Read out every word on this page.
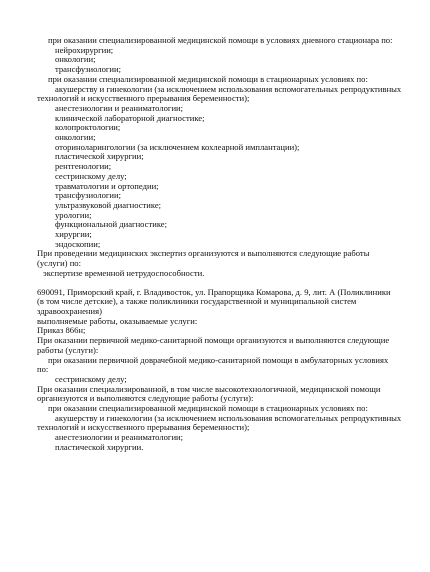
при оказании специализированной медицинской помощи в условиях дневного стационара по:
нейрохирургии;
онкологии;
трансфузиологии;
при оказании специализированной медицинской помощи в стационарных условиях по:
акушерству и гинекологии (за исключением использования вспомогательных репродуктивных
технологий и искусственного прерывания беременности);
анестезиологии и реаниматологии;
клинической лабораторной диагностике;
колопроктологии;
онкологии;
оториноларингологии (за исключением кохлеарной имплантации);
пластической хирургии;
рентгенологии;
сестринскому делу;
травматологии и ортопедии;
трансфузиологии;
ультразвуковой диагностике;
урологии;
функциональной диагностике;
хирургии;
эндоскопии;
При проведении медицинских экспертиз организуются и выполняются следующие работы
(услуги) по:
экспертизе временной нетрудоспособности.
690091, Приморский край, г. Владивосток, ул. Прапорщика Комарова, д. 9, лит. А (Поликлиники
(в том числе детские), а также поликлиники государственной и муниципальной систем
здравоохранения)
выполняемые работы, оказываемые услуги:
Приказ 866н;
При оказании первичной медико-санитарной помощи организуются и выполняются следующие
работы (услуги):
при оказании первичной доврачебной медико-санитарной помощи в амбулаторных условиях
по:
сестринскому делу;
При оказании специализированной, в том числе высокотехнологичной, медицинской помощи
организуются и выполняются следующие работы (услуги):
при оказании специализированной медицинской помощи в стационарных условиях по:
акушерству и гинекологии (за исключением использования вспомогательных репродуктивных
технологий и искусственного прерывания беременности);
анестезиологии и реаниматологии;
пластической хирургии.
